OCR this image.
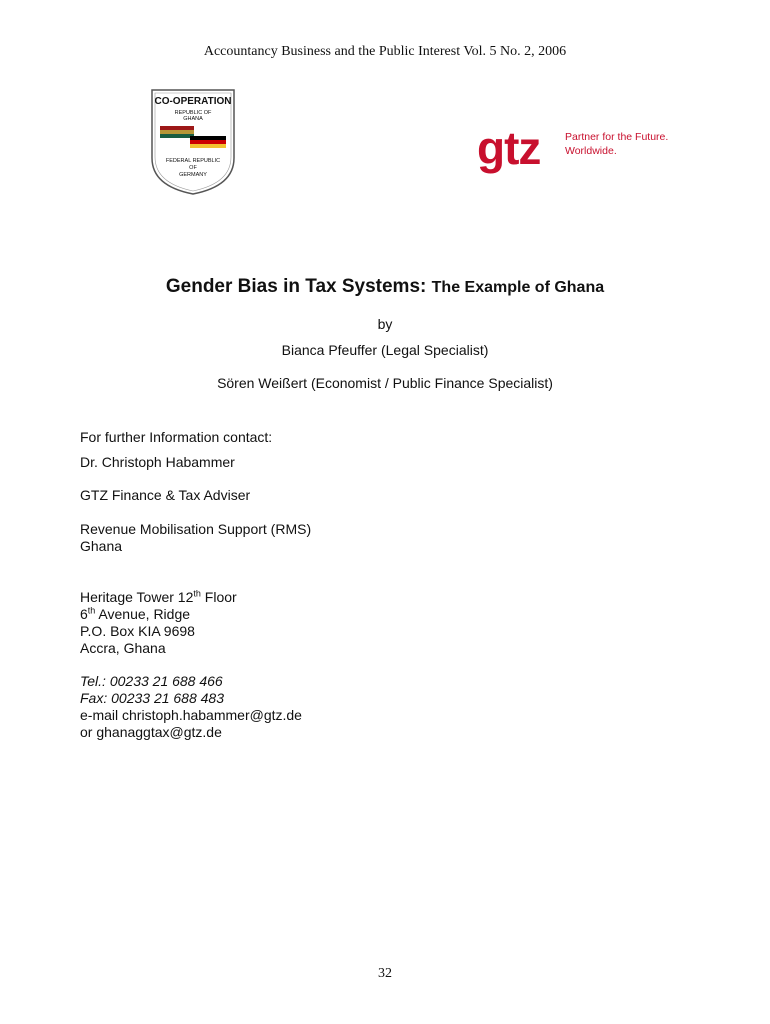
Accountancy Business and the Public Interest Vol. 5 No. 2, 2006
CO-OPERATION
REPUBLIC OF
GHANA
FEDERAL REPUBLIC
OF
GERMANY
gtz Partner for the Future.
Worldwide.
Gender Bias in Tax Systems: The Example of Ghana
by
Bianca Pfeuffer (Legal Specialist)
Sören Weißert (Economist / Public Finance Specialist)
For further Information contact:
Dr. Christoph Habammer
GTZ Finance & Tax Adviser
Revenue Mobilisation Support (RMS)
Ghana
Heritage Tower 12th Floor
6th Avenue, Ridge
P.O. Box KIA 9698
Accra, Ghana
Tel.: 00233 21 688 466
Fax: 00233 21 688 483
e-mail christoph.habammer@gtz.de
or ghanaggtax@gtz.de
32
